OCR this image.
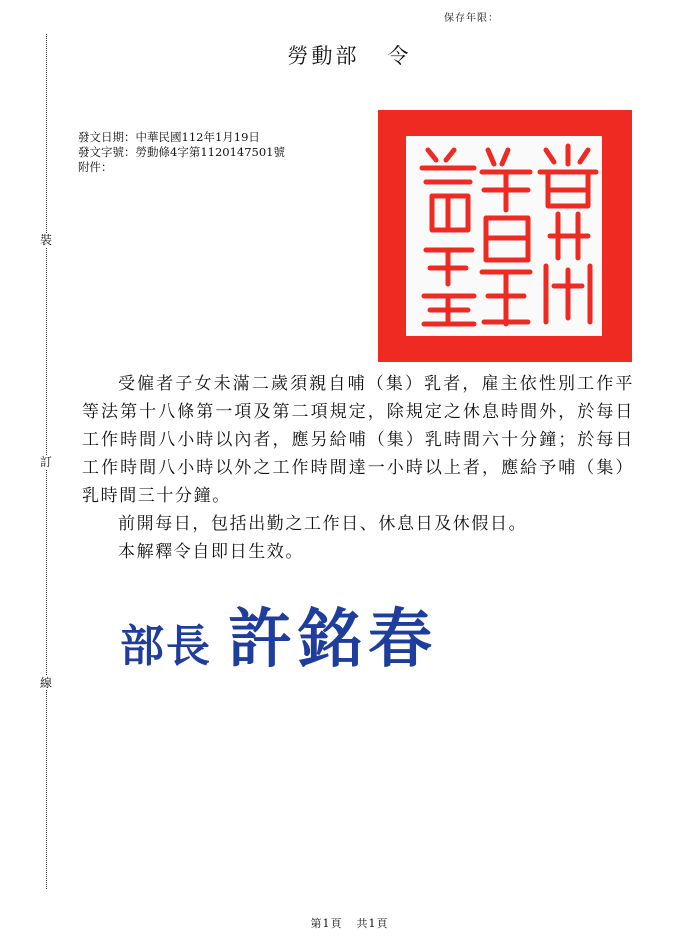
保存年限：
裝
訂
線
勞動部 令
發文日期：中華民國112年1月19日
發文字號：勞動條4字第1120147501號
附件：

受僱者子女未滿二歲須親自哺（集）乳者，雇主依性別工作平等法第十八條第一項及第二項規定，除規定之休息時間外，於每日工作時間八小時以內者，應另給哺（集）乳時間六十分鐘；於每日工作時間八小時以外之工作時間達一小時以上者，應給予哺（集）乳時間三十分鐘。

前開每日，包括出勤之工作日、休息日及休假日。

本解釋令自即日生效。

部長 許銘春
第1頁 共1頁
